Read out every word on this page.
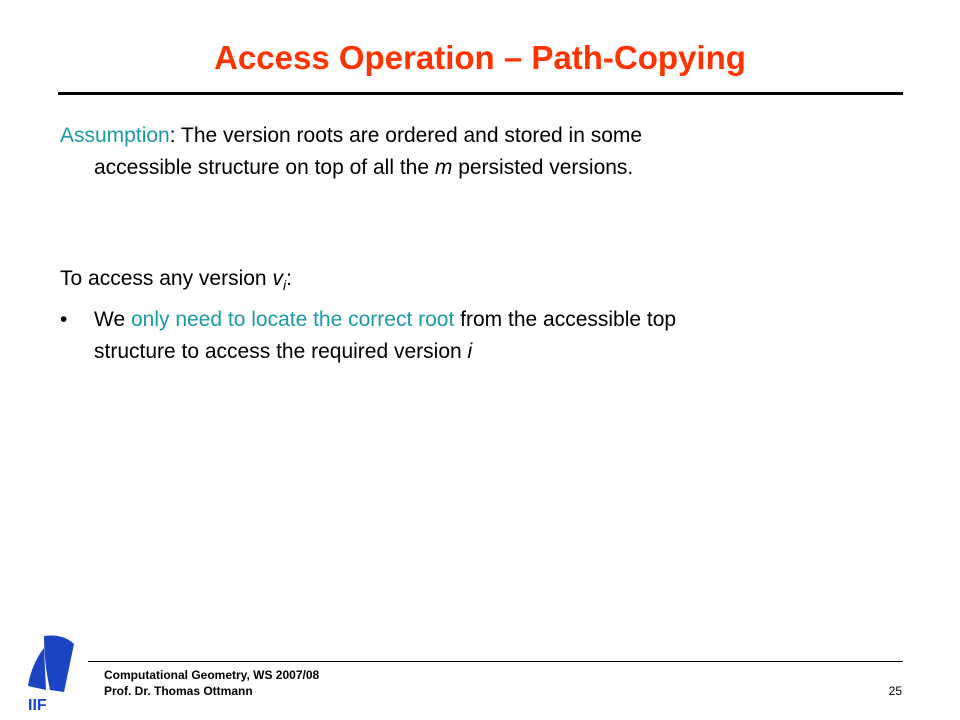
Access Operation – Path-Copying
Assumption: The version roots are ordered and stored in some
accessible structure on top of all the m persisted versions.
To access any version $v_i$:
•	We only need to locate the correct root from the accessible top
structure to access the required version i
IIF
Computational Geometry, WS 2007/08
Prof. Dr. Thomas Ottmann	25
